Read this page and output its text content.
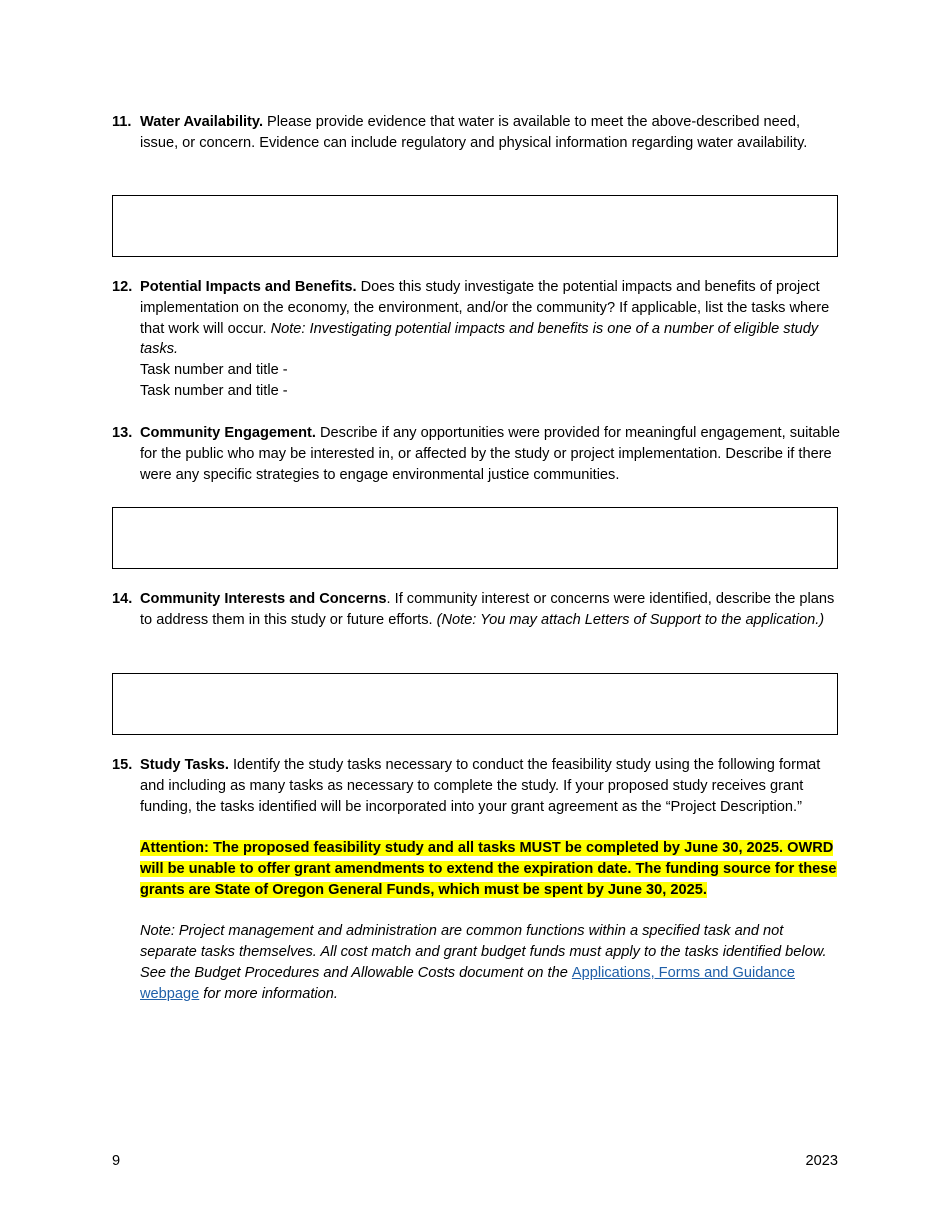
11. Water Availability. Please provide evidence that water is available to meet the above-described need, issue, or concern. Evidence can include regulatory and physical information regarding water availability.
12. Potential Impacts and Benefits. Does this study investigate the potential impacts and benefits of project implementation on the economy, the environment, and/or the community? If applicable, list the tasks where that work will occur. Note: Investigating potential impacts and benefits is one of a number of eligible study tasks.
Task number and title -
Task number and title -
13. Community Engagement. Describe if any opportunities were provided for meaningful engagement, suitable for the public who may be interested in, or affected by the study or project implementation. Describe if there were any specific strategies to engage environmental justice communities.
14. Community Interests and Concerns. If community interest or concerns were identified, describe the plans to address them in this study or future efforts. (Note: You may attach Letters of Support to the application.)
15. Study Tasks. Identify the study tasks necessary to conduct the feasibility study using the following format and including as many tasks as necessary to complete the study. If your proposed study receives grant funding, the tasks identified will be incorporated into your grant agreement as the “Project Description.”
Attention: The proposed feasibility study and all tasks MUST be completed by June 30, 2025. OWRD will be unable to offer grant amendments to extend the expiration date. The funding source for these grants are State of Oregon General Funds, which must be spent by June 30, 2025.
Note: Project management and administration are common functions within a specified task and not separate tasks themselves. All cost match and grant budget funds must apply to the tasks identified below. See the Budget Procedures and Allowable Costs document on the Applications, Forms and Guidance webpage for more information.
9	2023
